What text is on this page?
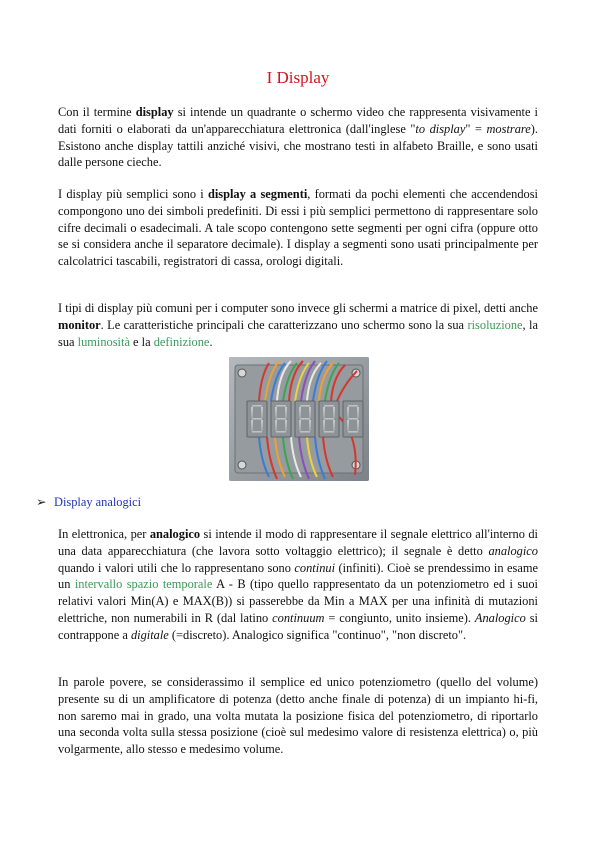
I Display

Con il termine display si intende un quadrante o schermo video che rappresenta visivamente i dati forniti o elaborati da un'apparecchiatura elettronica (dall'inglese "to display" = mostrare). Esistono anche display tattili anziché visivi, che mostrano testi in alfabeto Braille, e sono usati dalle persone cieche.

I display più semplici sono i display a segmenti, formati da pochi elementi che accendendosi compongono uno dei simboli predefiniti. Di essi i più semplici permettono di rappresentare solo cifre decimali o esadecimali. A tale scopo contengono sette segmenti per ogni cifra (oppure otto se si considera anche il separatore decimale). I display a segmenti sono usati principalmente per calcolatrici tascabili, registratori di cassa, orologi digitali.

I tipi di display più comuni per i computer sono invece gli schermi a matrice di pixel, detti anche monitor. Le caratteristiche principali che caratterizzano uno schermo sono la sua risoluzione, la sua luminosità e la definizione.

➢ Display analogici

In elettronica, per analogico si intende il modo di rappresentare il segnale elettrico all'interno di una data apparecchiatura (che lavora sotto voltaggio elettrico); il segnale è detto analogico quando i valori utili che lo rappresentano sono continui (infiniti). Cioè se prendessimo in esame un intervallo spazio temporale A - B (tipo quello rappresentato da un potenziometro ed i suoi relativi valori Min(A) e MAX(B)) si passerebbe da Min a MAX per una infinità di mutazioni elettriche, non numerabili in R (dal latino continuum = congiunto, unito insieme). Analogico si contrappone a digitale (=discreto). Analogico significa "continuo", "non discreto".

In parole povere, se considerassimo il semplice ed unico potenziometro (quello del volume) presente su di un amplificatore di potenza (detto anche finale di potenza) di un impianto hi-fi, non saremo mai in grado, una volta mutata la posizione fisica del potenziometro, di riportarlo una seconda volta sulla stessa posizione (cioè sul medesimo valore di resistenza elettrica) o, più volgarmente, allo stesso e medesimo volume.
